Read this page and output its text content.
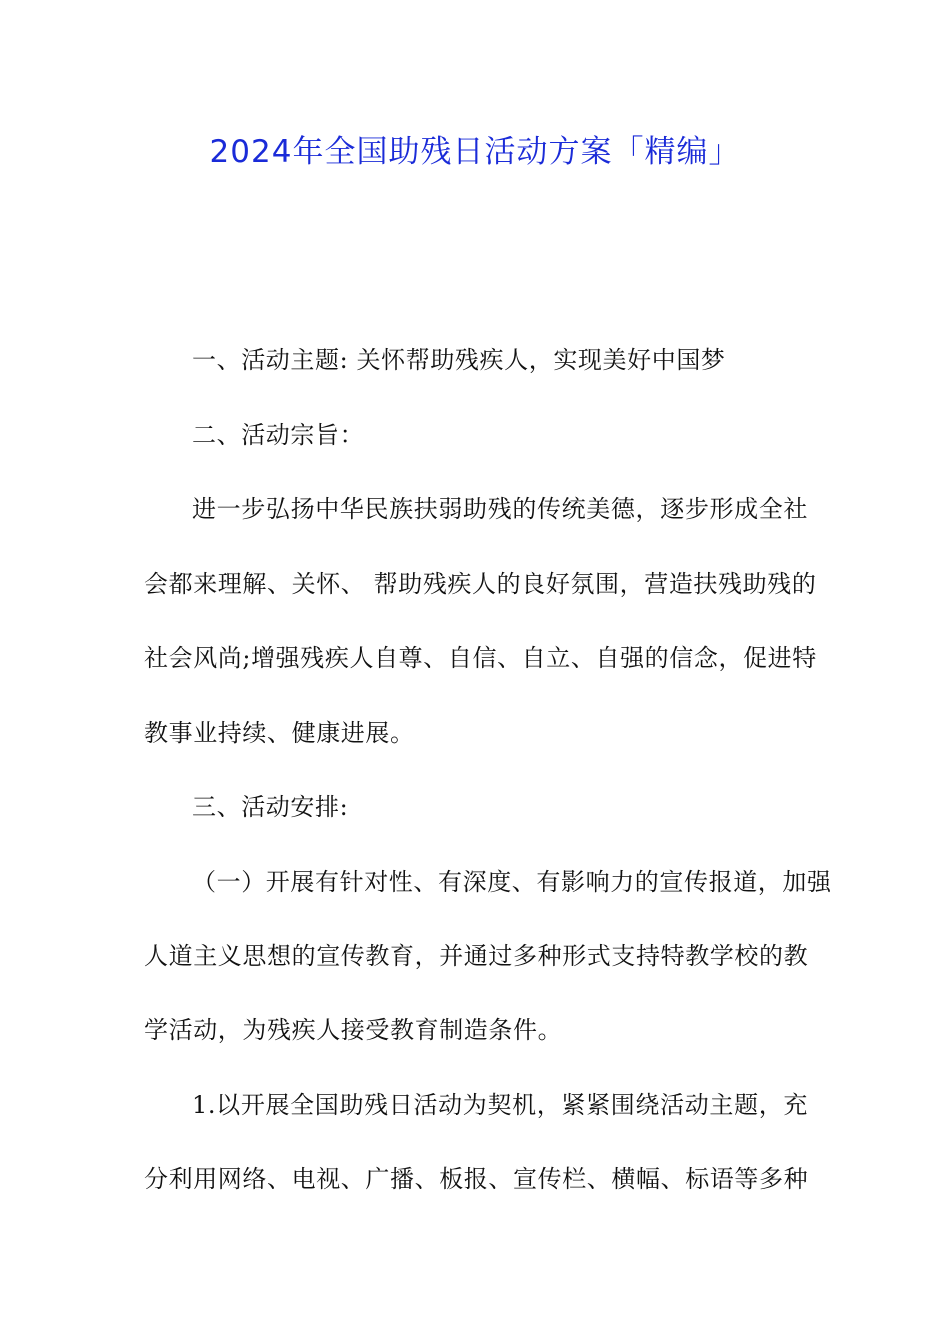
2024年全国助残日活动方案「精编」
一、活动主题: 关怀帮助残疾人，实现美好中国梦
二、活动宗旨：
进一步弘扬中华民族扶弱助残的传统美德，逐步形成全社
会都来理解、关怀、 帮助残疾人的良好氛围，营造扶残助残的
社会风尚;增强残疾人自尊、自信、自立、自强的信念，促进特
教事业持续、健康进展。
三、活动安排:
（一）开展有针对性、有深度、有影响力的宣传报道，加强
人道主义思想的宣传教育，并通过多种形式支持特教学校的教
学活动，为残疾人接受教育制造条件。
1.以开展全国助残日活动为契机，紧紧围绕活动主题，充
分利用网络、电视、广播、板报、宣传栏、横幅、标语等多种
